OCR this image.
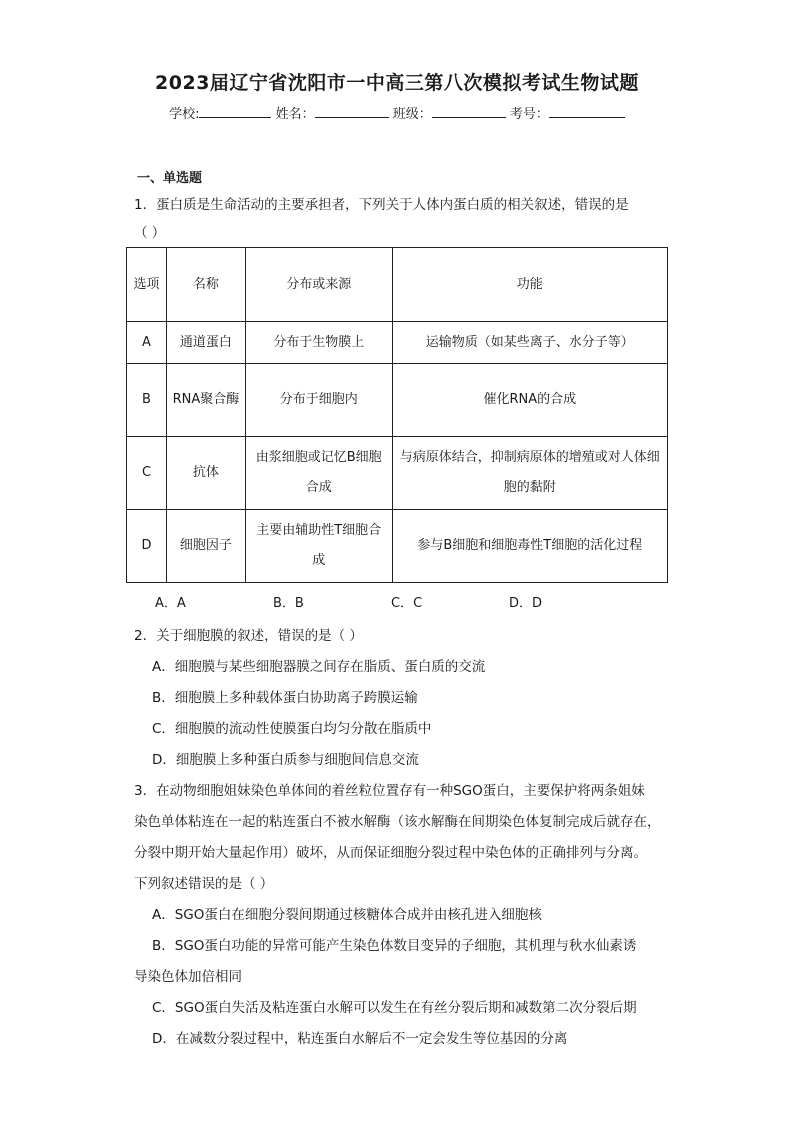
2023届辽宁省沈阳市一中高三第八次模拟考试生物试题
学校:	姓名：	班级：	考号：
一、单选题
1．蛋白质是生命活动的主要承担者，下列关于人体内蛋白质的相关叙述，错误的是
（ ）
选项	名称	分布或来源	功能
A	通道蛋白	分布于生物膜上	运输物质（如某些离子、水分子等）
B	RNA聚合酶	分布于细胞内	催化RNA的合成
C	抗体	由浆细胞或记忆B细胞合成	与病原体结合，抑制病原体的增殖或对人体细胞的黏附
D	细胞因子	主要由辅助性T细胞合成	参与B细胞和细胞毒性T细胞的活化过程
A．A	B．B	C．C	D．D
2．关于细胞膜的叙述，错误的是（ ）
A．细胞膜与某些细胞器膜之间存在脂质、蛋白质的交流
B．细胞膜上多种载体蛋白协助离子跨膜运输
C．细胞膜的流动性使膜蛋白均匀分散在脂质中
D．细胞膜上多种蛋白质参与细胞间信息交流
3．在动物细胞姐妹染色单体间的着丝粒位置存有一种SGO蛋白，主要保护将两条姐妹
染色单体粘连在一起的粘连蛋白不被水解酶（该水解酶在间期染色体复制完成后就存在，
分裂中期开始大量起作用）破坏，从而保证细胞分裂过程中染色体的正确排列与分离。
下列叙述错误的是（ ）
A．SGO蛋白在细胞分裂间期通过核糖体合成并由核孔进入细胞核
B．SGO蛋白功能的异常可能产生染色体数目变异的子细胞，其机理与秋水仙素诱
导染色体加倍相同
C．SGO蛋白失活及粘连蛋白水解可以发生在有丝分裂后期和减数第二次分裂后期
D．在减数分裂过程中，粘连蛋白水解后不一定会发生等位基因的分离
